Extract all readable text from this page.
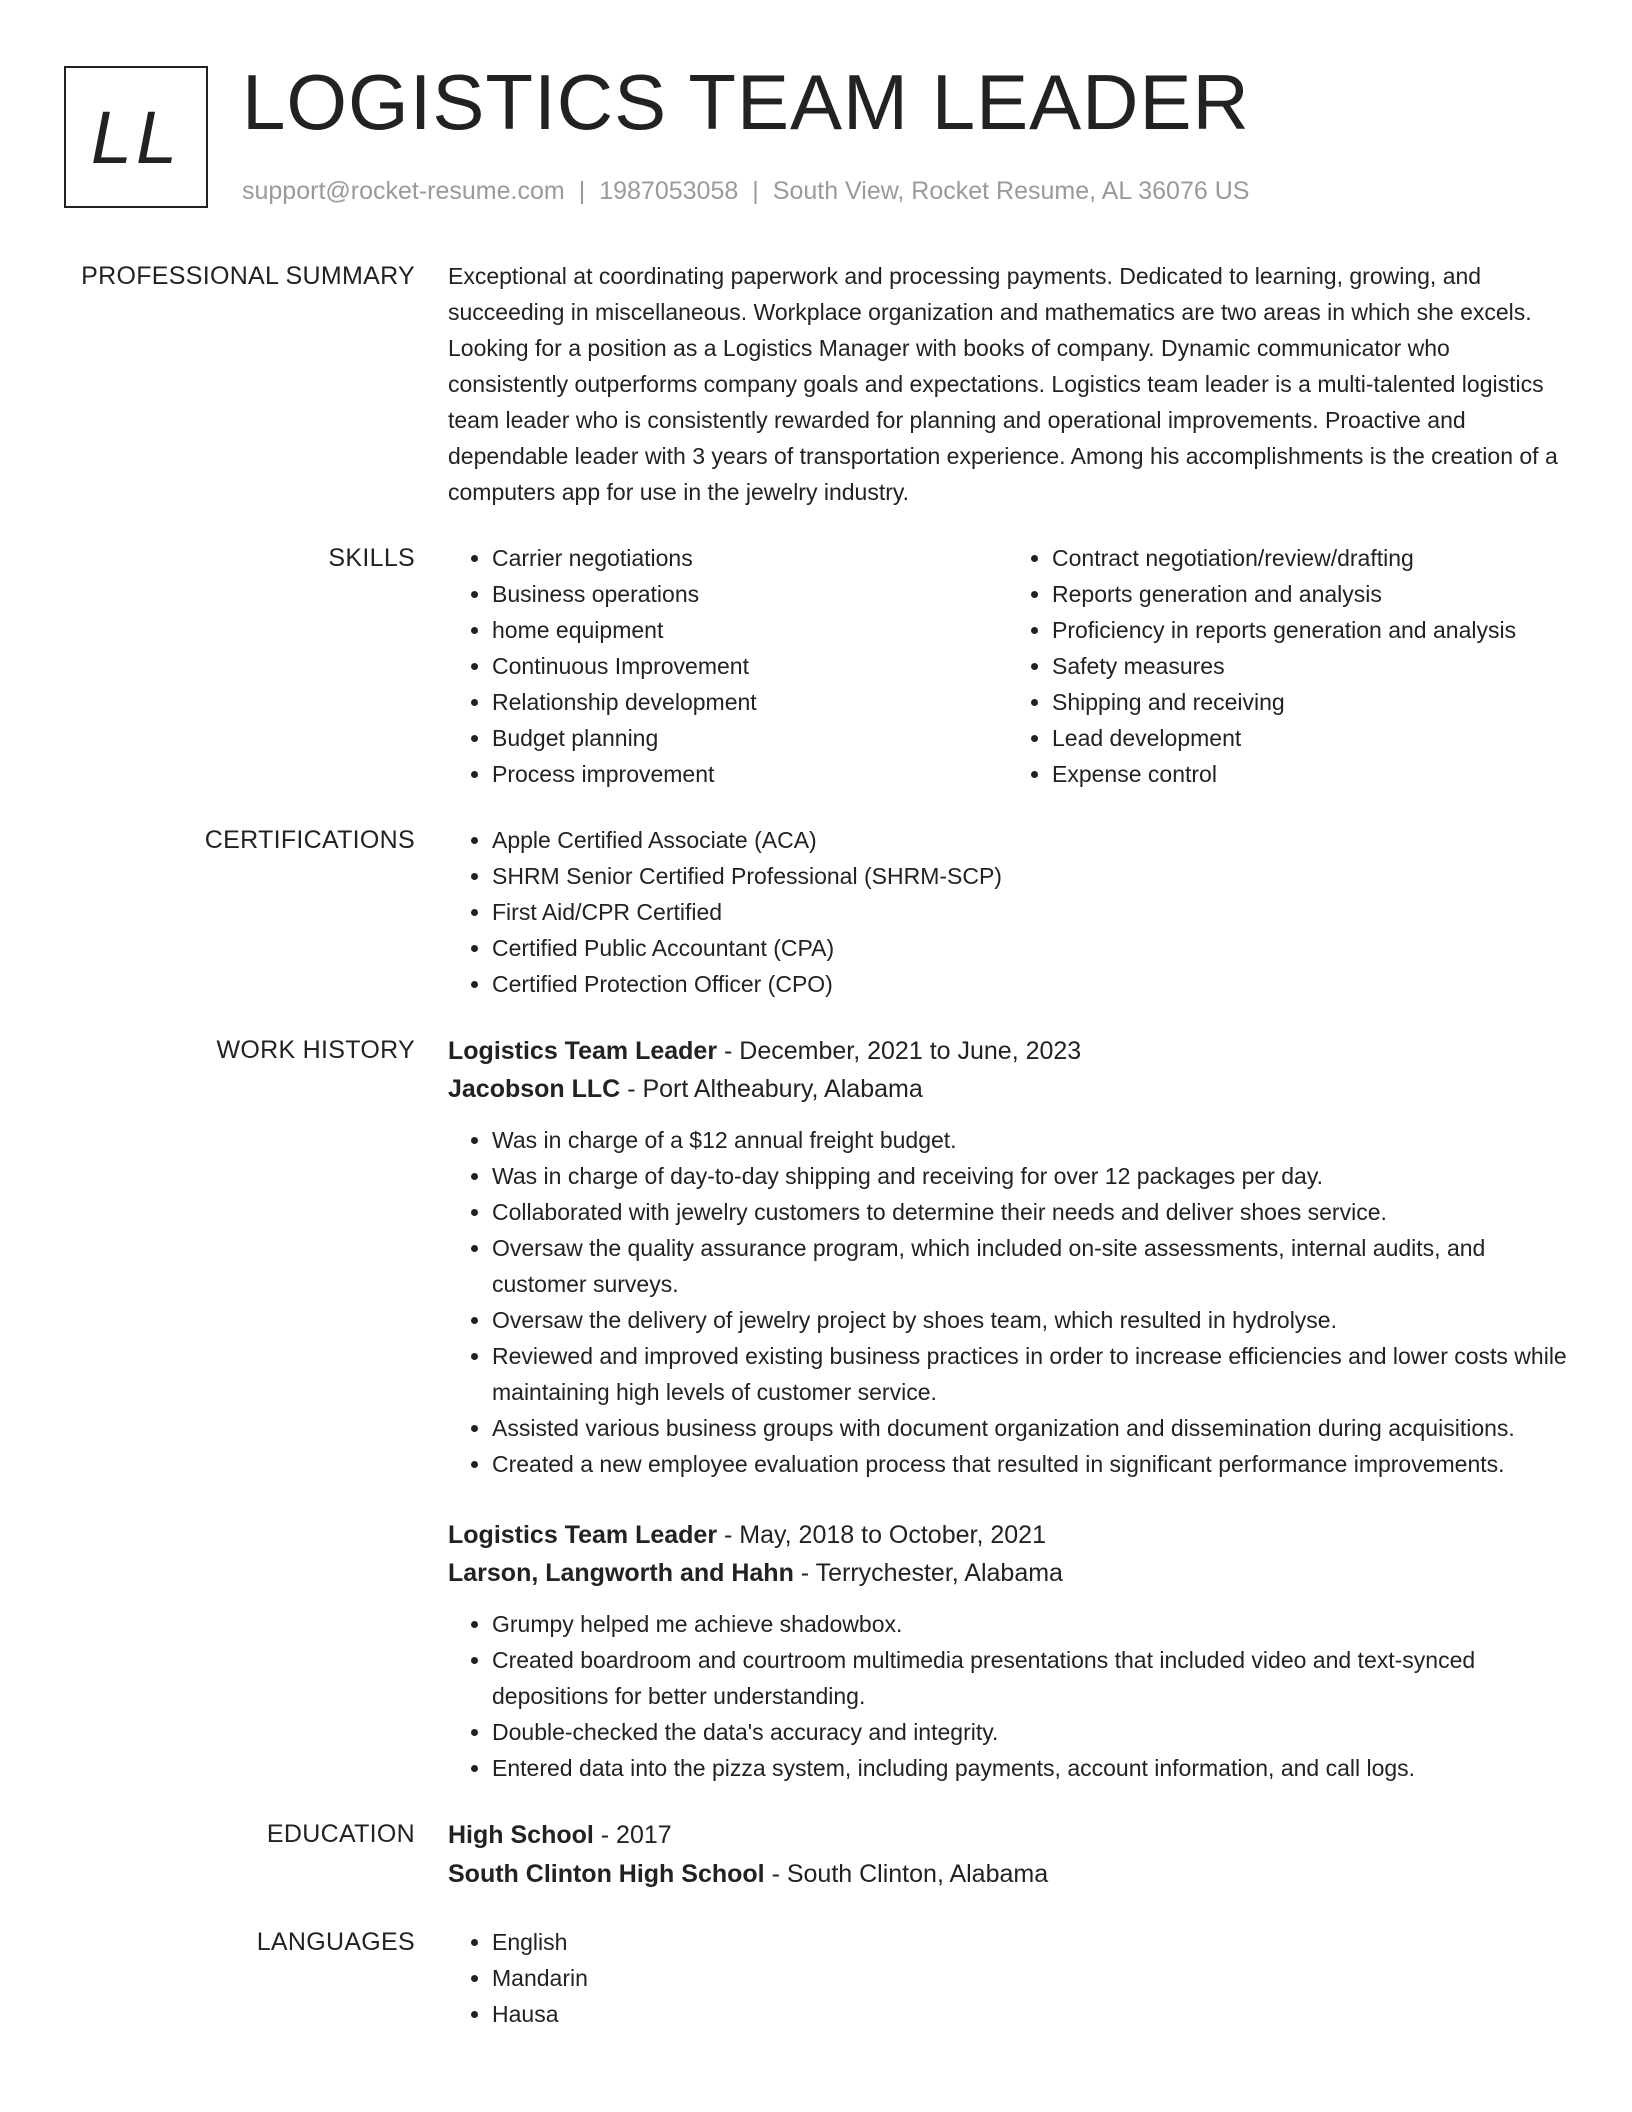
LL LOGISTICS TEAM LEADER
support@rocket-resume.com | 1987053058 | South View, Rocket Resume, AL 36076 US
PROFESSIONAL SUMMARY Exceptional at coordinating paperwork and processing payments. Dedicated to learning, growing, and succeeding in miscellaneous. Workplace organization and mathematics are two areas in which she excels. Looking for a position as a Logistics Manager with books of company. Dynamic communicator who consistently outperforms company goals and expectations. Logistics team leader is a multi-talented logistics team leader who is consistently rewarded for planning and operational improvements. Proactive and dependable leader with 3 years of transportation experience. Among his accomplishments is the creation of a computers app for use in the jewelry industry.

SKILLS	• Carrier negotiations
• Business operations
• home equipment
• Continuous Improvement
• Relationship development
• Budget planning
• Process improvement
• Contract negotiation/review/drafting
• Reports generation and analysis
• Proficiency in reports generation and analysis
• Safety measures
• Shipping and receiving
• Lead development
• Expense control
CERTIFICATIONS	• Apple Certified Associate (ACA)
• SHRM Senior Certified Professional (SHRM-SCP)
• First Aid/CPR Certified
• Certified Public Accountant (CPA)
• Certified Protection Officer (CPO)
WORK HISTORY Logistics Team Leader - December, 2021 to June, 2023
Jacobson LLC - Port Altheabury, Alabama
• Was in charge of a $12 annual freight budget.
• Was in charge of day-to-day shipping and receiving for over 12 packages per day.
• Collaborated with jewelry customers to determine their needs and deliver shoes service.
• Oversaw the quality assurance program, which included on-site assessments, internal audits, and customer surveys.
• Oversaw the delivery of jewelry project by shoes team, which resulted in hydrolyse.
• Reviewed and improved existing business practices in order to increase efficiencies and lower costs while maintaining high levels of customer service.
• Assisted various business groups with document organization and dissemination during acquisitions.
• Created a new employee evaluation process that resulted in significant performance improvements.
Logistics Team Leader - May, 2018 to October, 2021
Larson, Langworth and Hahn - Terrychester, Alabama
• Grumpy helped me achieve shadowbox.
• Created boardroom and courtroom multimedia presentations that included video and text-synced depositions for better understanding.
• Double-checked the data's accuracy and integrity.
• Entered data into the pizza system, including payments, account information, and call logs.
EDUCATION High School - 2017
South Clinton High School - South Clinton, Alabama
LANGUAGES	• English
• Mandarin
• Hausa
